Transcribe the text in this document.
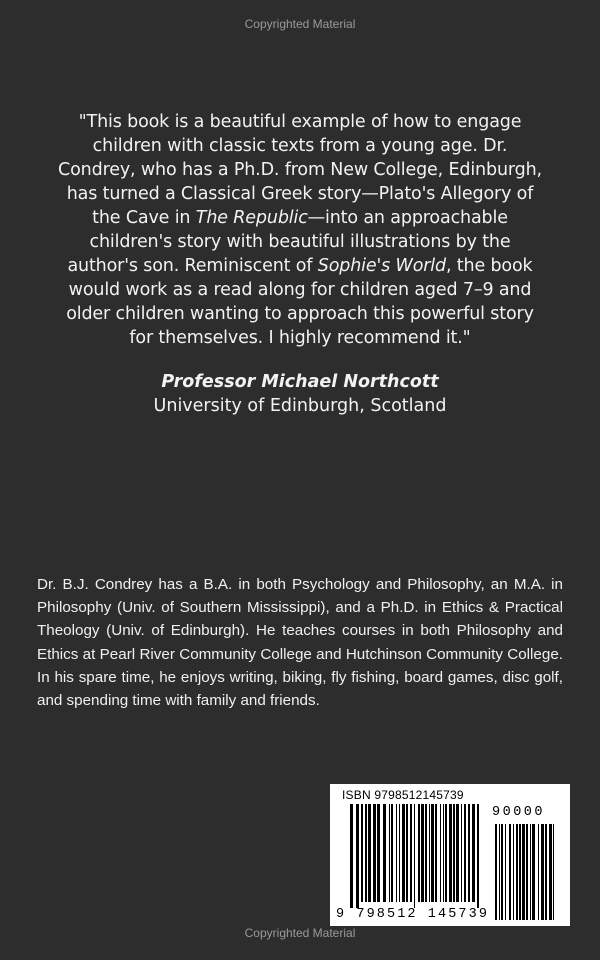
Copyrighted Material

"This book is a beautiful example of how to engage children with classic texts from a young age. Dr. Condrey, who has a Ph.D. from New College, Edinburgh, has turned a Classical Greek story—Plato's Allegory of the Cave in The Republic—into an approachable children's story with beautiful illustrations by the author's son. Reminiscent of Sophie's World, the book would work as a read along for children aged 7–9 and older children wanting to approach this powerful story for themselves. I highly recommend it."

Professor Michael Northcott
University of Edinburgh, Scotland
Dr. B.J. Condrey has a B.A. in both Psychology and Philosophy, an M.A. in Philosophy (Univ. of Southern Mississippi), and a Ph.D. in Ethics & Practical Theology (Univ. of Edinburgh). He teaches courses in both Philosophy and Ethics at Pearl River Community College and Hutchinson Community College. In his spare time, he enjoys writing, biking, fly fishing, board games, disc golf, and spending time with family and friends.
ISBN 9798512145739
90000
9 798512 145739
Copyrighted Material
